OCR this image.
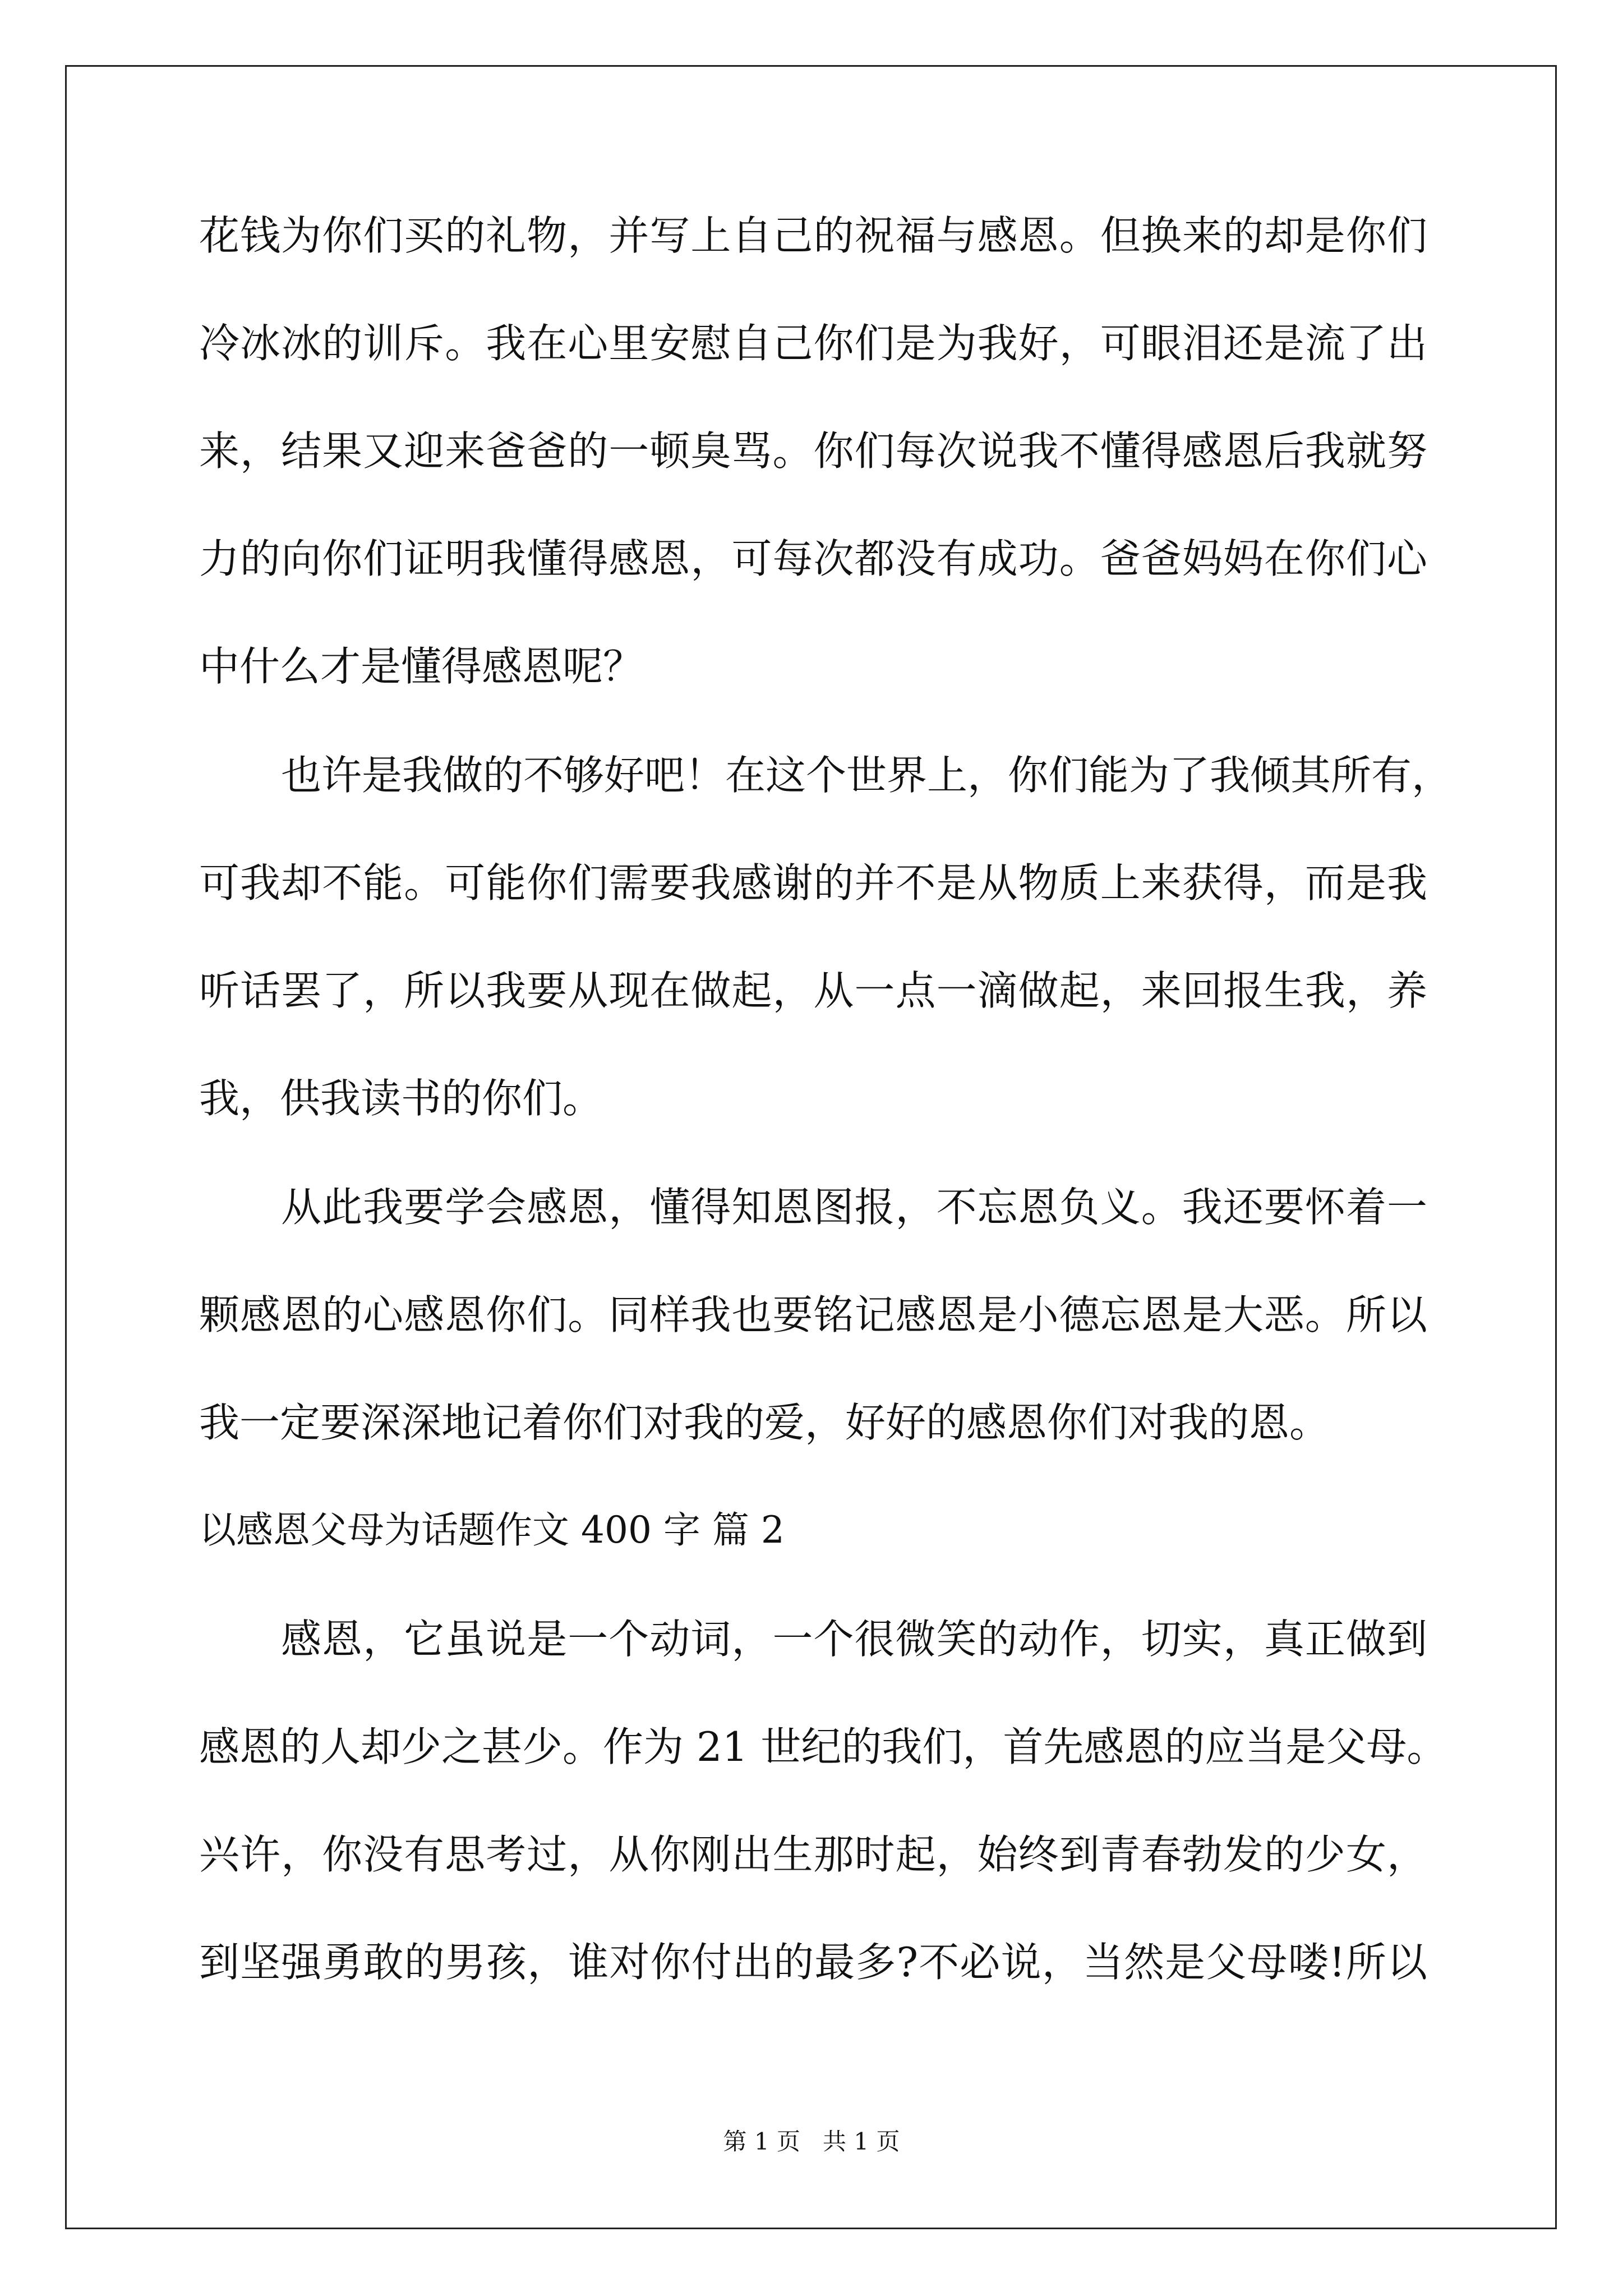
花钱为你们买的礼物，并写上自己的祝福与感恩。但换来的却是你们
冷冰冰的训斥。我在心里安慰自己你们是为我好，可眼泪还是流了出
来，结果又迎来爸爸的一顿臭骂。你们每次说我不懂得感恩后我就努
力的向你们证明我懂得感恩，可每次都没有成功。爸爸妈妈在你们心
中什么才是懂得感恩呢？
也许是我做的不够好吧！在这个世界上，你们能为了我倾其所有，
可我却不能。可能你们需要我感谢的并不是从物质上来获得，而是我
听话罢了，所以我要从现在做起，从一点一滴做起，来回报生我，养
我，供我读书的你们。
从此我要学会感恩，懂得知恩图报，不忘恩负义。我还要怀着一
颗感恩的心感恩你们。同样我也要铭记感恩是小德忘恩是大恶。所以
我一定要深深地记着你们对我的爱，好好的感恩你们对我的恩。
以感恩父母为话题作文 400 字 篇 2
感恩，它虽说是一个动词，一个很微笑的动作，切实，真正做到
感恩的人却少之甚少。作为 21 世纪的我们，首先感恩的应当是父母。
兴许，你没有思考过，从你刚出生那时起，始终到青春勃发的少女，
到坚强勇敢的男孩，谁对你付出的最多?不必说，当然是父母喽!所以
第 1 页 共 1 页
